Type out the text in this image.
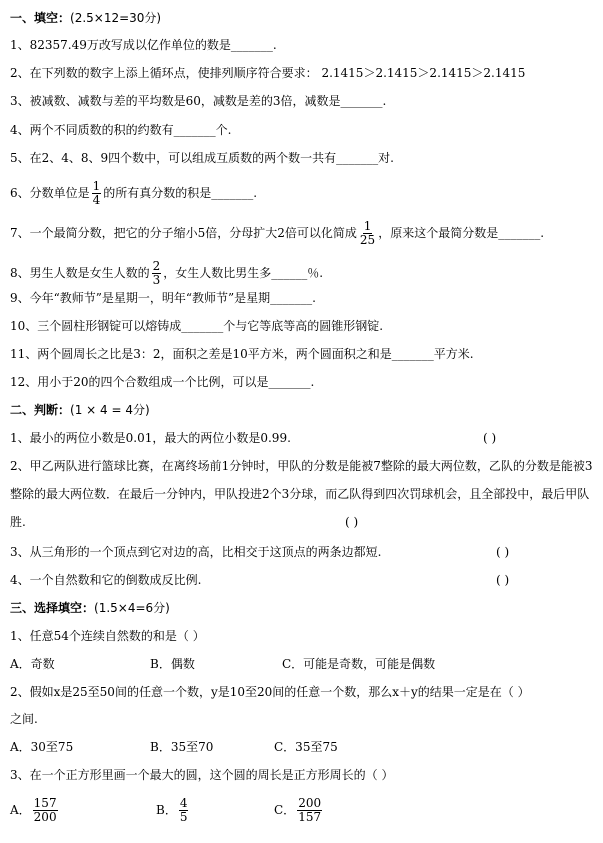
一、填空：(2.5×12=30分)
1、82357.49万改写成以亿作单位的数是_______.
2、在下列数的数字上添上循环点，使排列顺序符合要求： 2.1415＞2.1415＞2.1415＞2.1415
3、被减数、减数与差的平均数是60，减数是差的3倍，减数是_______.
4、两个不同质数的积的约数有_______个.
5、在2、4、8、9四个数中，可以组成互质数的两个数一共有_______对.
6、分数单位是 $\frac{1}{4}$ 的所有真分数的积是_______.
7、一个最简分数，把它的分子缩小5倍，分母扩大2倍可以化简成 $\frac{1}{25}$ ，原来这个最简分数是_______.
8、男生人数是女生人数的 $\frac{2}{3}$ ，女生人数比男生多______％.
9、今年“教师节”是星期一，明年“教师节”是星期_______.
10、三个圆柱形钢锭可以熔铸成_______个与它等底等高的圆锥形钢锭.
11、两个圆周长之比是3：2，面积之差是10平方米，两个圆面积之和是_______平方米.
12、用小于20的四个合数组成一个比例，可以是_______.
二、判断：(1 × 4 = 4分)
1、最小的两位小数是0.01，最大的两位小数是0.99.	( )
2、甲乙两队进行篮球比赛，在离终场前1分钟时，甲队的分数是能被7整除的最大两位数，乙队的分数是能被3整除的最大两位数．在最后一分钟内，甲队投进2个3分球，而乙队得到四次罚球机会，且全部投中，最后甲队胜.	( )
3、从三角形的一个顶点到它对边的高，比相交于这顶点的两条边都短.	( )
4、一个自然数和它的倒数成反比例.	( )
三、选择填空：(1.5×4=6分)
1、任意54个连续自然数的和是（ ）
A．奇数	B．偶数	C．可能是奇数，可能是偶数
2、假如x是25至50间的任意一个数，y是10至20间的任意一个数，那么x＋y的结果一定是在（ ）
之间.
A．30至75	B．35至70	C．35至75
3、在一个正方形里画一个最大的圆，这个圆的周长是正方形周长的（ ）
A． $\frac{157}{200}$	B． $\frac{4}{5}$	C． $\frac{200}{157}$
